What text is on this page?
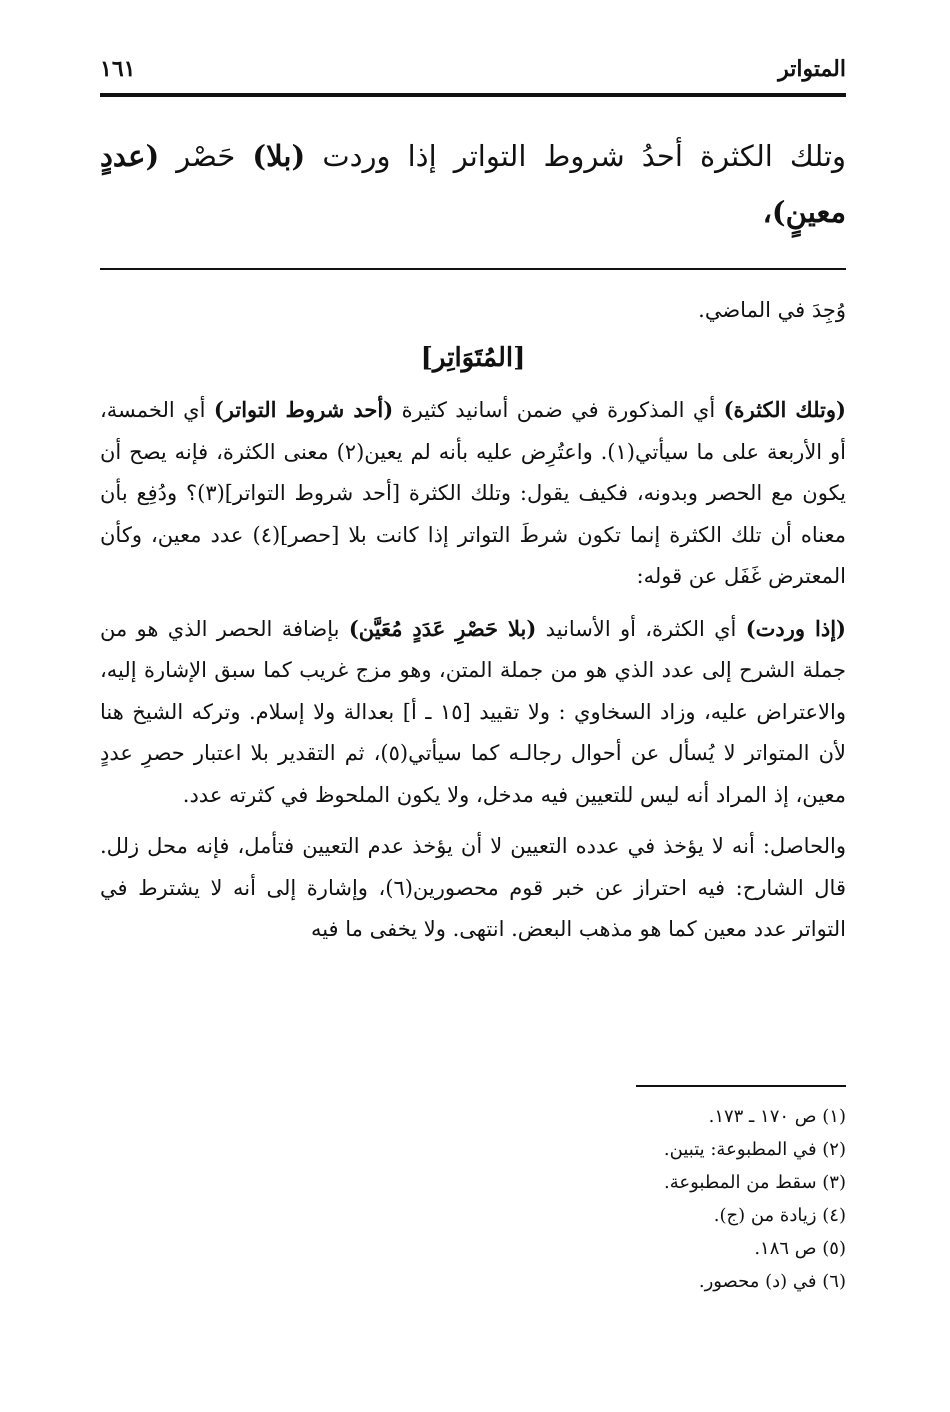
المتواتر
١٦١
وتلك الكثرة أحدُ شروط التواتر إذا وردت (بلا) حَصْر (عددٍ معينٍ)،

وُجِدَ في الماضي.

[المُتَوَاتِر]

(وتلك الكثرة) أي المذكورة في ضمن أسانيد كثيرة (أحد شروط التواتر) أي الخمسة، أو الأربعة على ما سيأتي(١). واعتُرِض عليه بأنه لم يعين(٢) معنى الكثرة، فإنه يصح أن يكون مع الحصر وبدونه، فكيف يقول: وتلك الكثرة [أحد شروط التواتر](٣)؟ ودُفِع بأن معناه أن تلك الكثرة إنما تكون شرطَ التواتر إذا كانت بلا [حصر](٤) عدد معين، وكأن المعترض غَفَل عن قوله:

(إذا وردت) أي الكثرة، أو الأسانيد (بلا حَصْرِ عَدَدٍ مُعَيَّن) بإضافة الحصر الذي هو من جملة الشرح إلى عدد الذي هو من جملة المتن، وهو مزج غريب كما سبق الإشارة إليه، والاعتراض عليه، وزاد السخاوي : ولا تقييد [١٥ ـ أ] بعدالة ولا إسلام. وتركه الشيخ هنا لأن المتواتر لا يُسأل عن أحوال رجالـه كما سيأتي(٥)، ثم التقدير بلا اعتبار حصرِ عددٍ معين، إذ المراد أنه ليس للتعيين فيه مدخل، ولا يكون الملحوظ في كثرته عدد.

والحاصل: أنه لا يؤخذ في عدده التعيين لا أن يؤخذ عدم التعيين فتأمل، فإنه محل زلل. قال الشارح: فيه احتراز عن خبر قوم محصورين(٦)، وإشارة إلى أنه لا يشترط في التواتر عدد معين كما هو مذهب البعض. انتهى. ولا يخفى ما فيه

(١) ص ١٧٠ ـ ١٧٣.
(٢) في المطبوعة: يتبين.
(٣) سقط من المطبوعة.
(٤) زيادة من (ج).
(٥) ص ١٨٦.
(٦) في (د) محصور.
